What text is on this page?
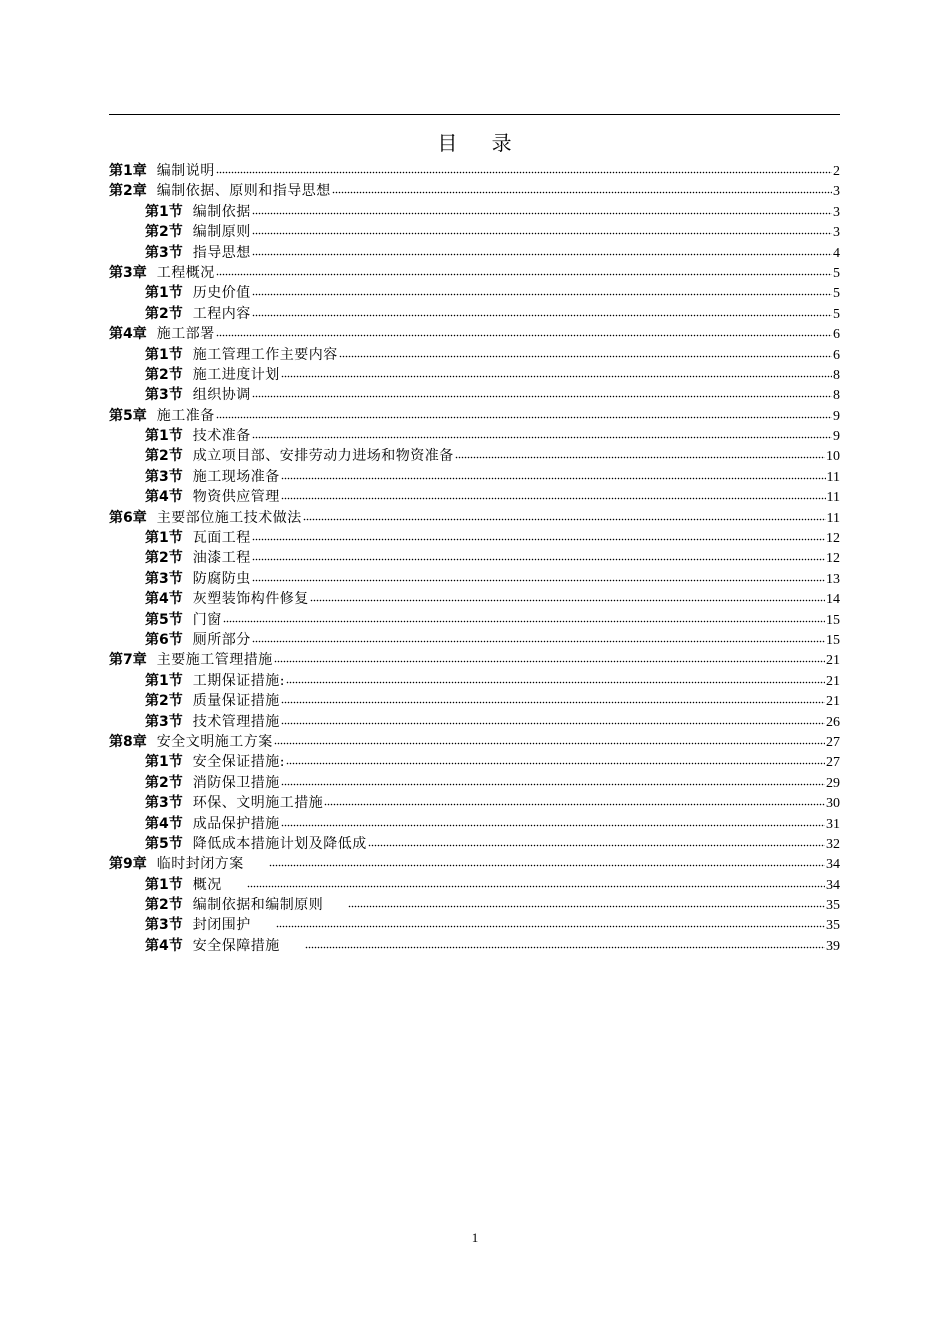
目 录
第1章 编制说明	2
第2章 编制依据、原则和指导思想	3
第1节 编制依据	3
第2节 编制原则	3
第3节 指导思想	4
第3章 工程概况	5
第1节 历史价值	5
第2节 工程内容	5
第4章 施工部署	6
第1节 施工管理工作主要内容	6
第2节 施工进度计划	8
第3节 组织协调	8
第5章 施工准备	9
第1节 技术准备	9
第2节 成立项目部、安排劳动力进场和物资准备	10
第3节 施工现场准备	11
第4节 物资供应管理	11
第6章 主要部位施工技术做法	11
第1节 瓦面工程	12
第2节 油漆工程	12
第3节 防腐防虫	13
第4节 灰塑装饰构件修复	14
第5节 门窗	15
第6节 厕所部分	15
第7章 主要施工管理措施	21
第1节 工期保证措施:	21
第2节 质量保证措施	21
第3节 技术管理措施	26
第8章 安全文明施工方案	27
第1节 安全保证措施:	27
第2节 消防保卫措施	29
第3节 环保、文明施工措施	30
第4节 成品保护措施	31
第5节 降低成本措施计划及降低成	32
第9章 临时封闭方案	34
第1节 概况	34
第2节 编制依据和编制原则	35
第3节 封闭围护	35
第4节 安全保障措施	39
1
